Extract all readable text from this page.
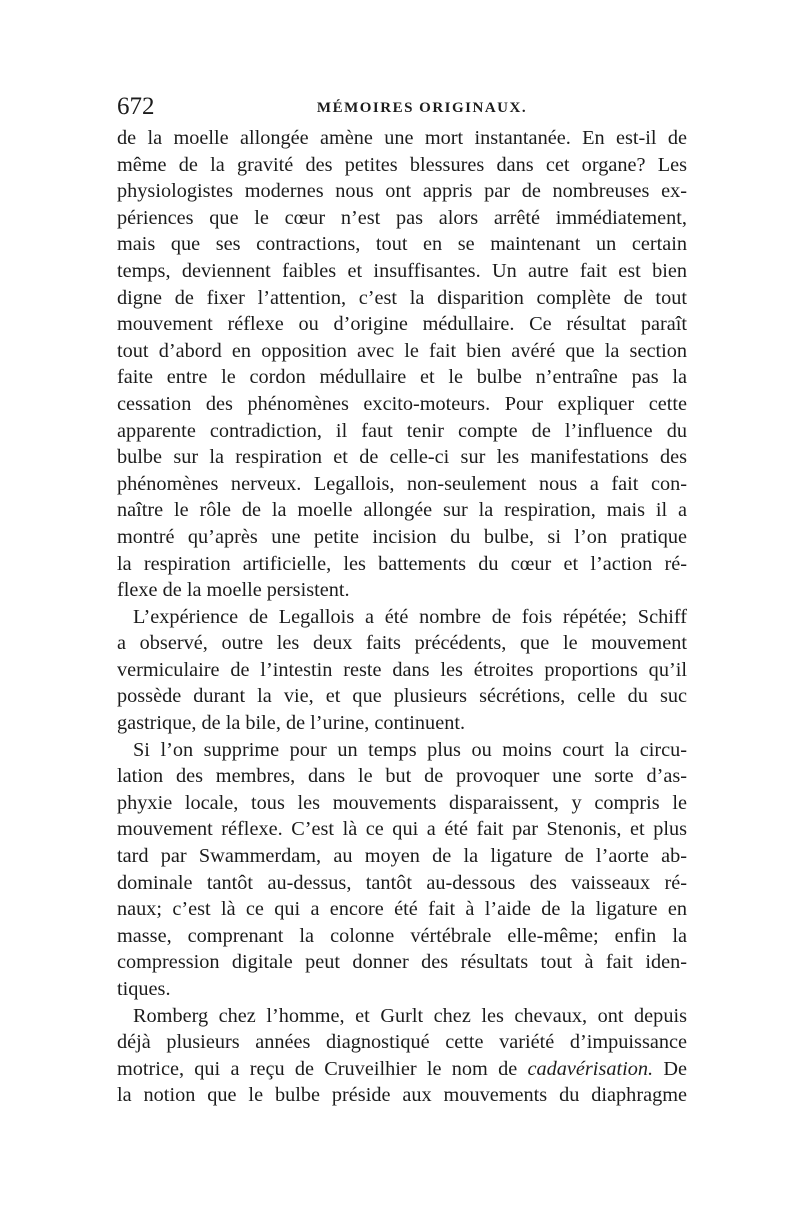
672	MÉMOIRES ORIGINAUX.
de la moelle allongée amène une mort instantanée. En est-il de
même de la gravité des petites blessures dans cet organe? Les
physiologistes modernes nous ont appris par de nombreuses ex-
périences que le cœur n’est pas alors arrêté immédiatement,
mais que ses contractions, tout en se maintenant un certain
temps, deviennent faibles et insuffisantes. Un autre fait est bien
digne de fixer l’attention, c’est la disparition complète de tout
mouvement réflexe ou d’origine médullaire. Ce résultat paraît
tout d’abord en opposition avec le fait bien avéré que la section
faite entre le cordon médullaire et le bulbe n’entraîne pas la
cessation des phénomènes excito-moteurs. Pour expliquer cette
apparente contradiction, il faut tenir compte de l’influence du
bulbe sur la respiration et de celle-ci sur les manifestations des
phénomènes nerveux. Legallois, non-seulement nous a fait con-
naître le rôle de la moelle allongée sur la respiration, mais il a
montré qu’après une petite incision du bulbe, si l’on pratique
la respiration artificielle, les battements du cœur et l’action ré-
flexe de la moelle persistent.
L’expérience de Legallois a été nombre de fois répétée; Schiff
a observé, outre les deux faits précédents, que le mouvement
vermiculaire de l’intestin reste dans les étroites proportions qu’il
possède durant la vie, et que plusieurs sécrétions, celle du suc
gastrique, de la bile, de l’urine, continuent.
Si l’on supprime pour un temps plus ou moins court la circu-
lation des membres, dans le but de provoquer une sorte d’as-
phyxie locale, tous les mouvements disparaissent, y compris le
mouvement réflexe. C’est là ce qui a été fait par Stenonis, et plus
tard par Swammerdam, au moyen de la ligature de l’aorte ab-
dominale tantôt au-dessus, tantôt au-dessous des vaisseaux ré-
naux; c’est là ce qui a encore été fait à l’aide de la ligature en
masse, comprenant la colonne vértébrale elle-même; enfin la
compression digitale peut donner des résultats tout à fait iden-
tiques.
Romberg chez l’homme, et Gurlt chez les chevaux, ont depuis
déjà plusieurs années diagnostiqué cette variété d’impuissance
motrice, qui a reçu de Cruveilhier le nom de cadavérisation. De
la notion que le bulbe préside aux mouvements du diaphragme
